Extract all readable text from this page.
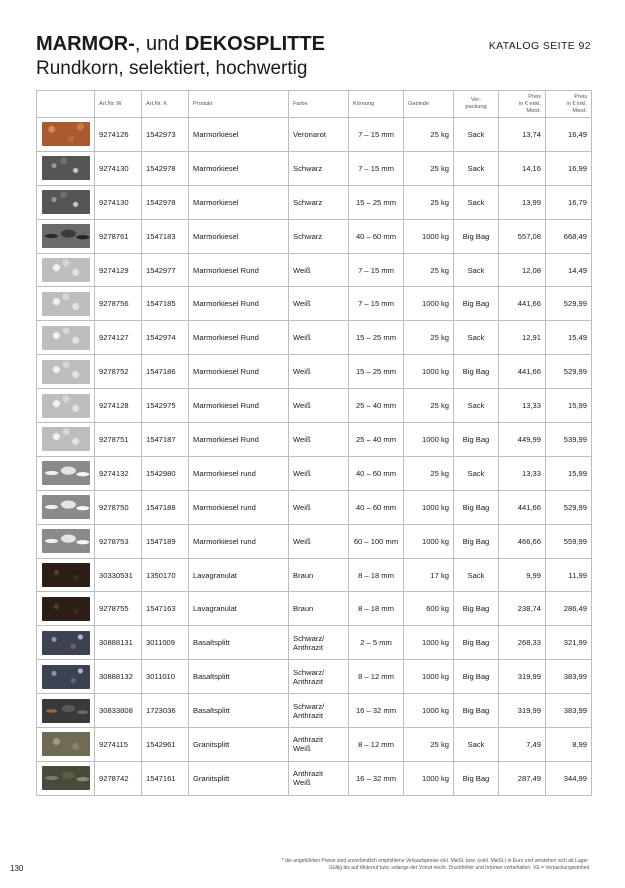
MARMOR-, und DEKOSPLITTE
Rundkorn, selektiert, hochwertig
KATALOG SEITE 92
	Art.Nr. W	Art.Nr. K	Produkt	Farbe	Körnung	Gebinde	Ver-
packung	Preis
in € exkl.
Mwst.	Preis
in € inkl.
Mwst.

	9274126	1542973	Marmorkiesel	Veronarot	7 – 15 mm	25 kg	Sack	13,74	16,49

	9274130	1542978	Marmorkiesel	Schwarz	7 – 15 mm	25 kg	Sack	14,16	16,99

	9274130	1542978	Marmorkiesel	Schwarz	15 – 25 mm	25 kg	Sack	13,99	16,79

	9278761	1547183	Marmorkiesel	Schwarz	40 – 60 mm	1000 kg	Big Bag	557,08	668,49

	9274129	1542977	Marmorkiesel Rund	Weiß	7 – 15 mm	25 kg	Sack	12,08	14,49

	9278756	1547185	Marmorkiesel Rund	Weiß	7 – 15 mm	1000 kg	Big Bag	441,66	529,99

	9274127	1542974	Marmorkiesel Rund	Weiß	15 – 25 mm	25 kg	Sack	12,91	15,49

	9278752	1547186	Marmorkiesel Rund	Weiß	15 – 25 mm	1000 kg	Big Bag	441,66	529,99

	9274128	1542975	Marmorkiesel Rund	Weiß	25 – 40 mm	25 kg	Sack	13,33	15,99

	9278751	1547187	Marmorkiesel Rund	Weiß	25 – 40 mm	1000 kg	Big Bag	449,99	539,99

	9274132	1542980	Marmorkiesel rund	Weiß	40 – 60 mm	25 kg	Sack	13,33	15,99

	9278750	1547188	Marmorkiesel rund	Weiß	40 – 60 mm	1000 kg	Big Bag	441,66	529,99

	9278753	1547189	Marmorkiesel rund	Weiß	60 – 100 mm	1000 kg	Big Bag	466,66	559,99

	30330531	1350170	Lavagranulat	Braun	8 – 18 mm	17 kg	Sack	9,99	11,99

	9278755	1547163	Lavagranulat	Braun	8 – 18 mm	600 kg	Big Bag	238,74	286,49

	30888131	3011009	Basaltsplitt	Schwarz/
Anthrazit	2 – 5 mm	1000 kg	Big Bag	268,33	321,99

	30888132	3011010	Basaltsplitt	Schwarz/
Anthrazit	8 – 12 mm	1000 kg	Big Bag	319,99	383,99

	30833808	1723036	Basaltsplitt	Schwarz/
Anthrazit	16 – 32 mm	1000 kg	Big Bag	319,99	383,99

	9274115	1542961	Granitsplitt	Anthrazit
Weiß	8 – 12 mm	25 kg	Sack	7,49	8,99

	9278742	1547161	Granitsplitt	Anthrazit
Weiß	16 – 32 mm	1000 kg	Big Bag	287,49	344,99
130
* die angeführten Preise sind unverbindlich empfohlene Verkaufspreise inkl. MwSt. bzw. (exkl. MwSt.) in Euro und verstehen sich ab Lager.
Gültig bis auf Widerruf bzw. solange der Vorrat reicht. Druckfehler und Irrtümer vorbehalten. VE = Verpackungseinheit
